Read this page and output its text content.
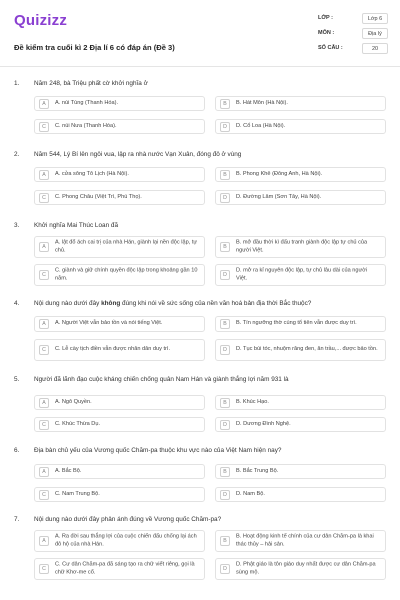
Quizizz
Đề kiểm tra cuối kì 2 Địa lí 6 có đáp án (Đề 3)
LỚP :	Lớp 6
MÔN :	Địa lý
SỐ CÂU :	20
1. Năm 248, bà Triệu phất cờ khởi nghĩa ở
A	A. núi Tùng (Thanh Hóa).	B	B. Hát Môn (Hà Nội).
C	C. núi Nưa (Thanh Hóa).	D	D. Cổ Loa (Hà Nội).
2. Năm 544, Lý Bí lên ngôi vua, lập ra nhà nước Vạn Xuân, đóng đô ở vùng
A	A. cửa sông Tô Lịch (Hà Nội).	B	B. Phong Khê (Đông Anh, Hà Nội).
C	C. Phong Châu (Việt Trì, Phú Thọ).	D	D. Đường Lâm (Sơn Tây, Hà Nội).
3. Khởi nghĩa Mai Thúc Loan đã
A
A. lật đổ ách cai trị của nhà Hán, giành lại nền độc lập, tự chủ.	B
B. mở đầu thời kì đấu tranh giành độc lập tự chủ của người Việt.
C
C. giành và giữ chính quyền độc lập trong khoảng gần 10 năm.	D
D. mở ra kỉ nguyên độc lập, tự chủ lâu dài của người Việt.
4. Nội dung nào dưới đây không đúng khi nói về sức sống của nền văn hoá bản địa thời Bắc thuộc?
A	A. Người Việt vẫn bảo tồn và nói tiếng Việt.	B	B. Tín ngưỡng thờ cúng tổ tiên vẫn được duy trì.
C	C. Lễ cày tịch điền vẫn được nhân dân duy trì.	D	D. Tục búi tóc, nhuộm răng đen, ăn trầu,... được bảo tồn.
5. Người đã lãnh đạo cuộc kháng chiến chống quân Nam Hán và giành thắng lợi năm 931 là
A	A. Ngô Quyền.	B	B. Khúc Hạo.
C	C. Khúc Thừa Dụ.	D	D. Dương Đình Nghệ.
6. Địa bàn chủ yếu của Vương quốc Chăm-pa thuộc khu vực nào của Việt Nam hiện nay?
A	A. Bắc Bộ.	B	B. Bắc Trung Bộ.
C	C. Nam Trung Bộ.	D	D. Nam Bộ.
7. Nội dung nào dưới đây phản ánh đúng về Vương quốc Chăm-pa?
A
A. Ra đời sau thắng lợi của cuộc chiến đấu chống lại ách đô hộ của nhà Hán.	B
B. Hoạt động kinh tế chính của cư dân Chăm-pa là khai thác thủy – hải sản.
C
C. Cư dân Chăm-pa đã sáng tạo ra chữ viết riêng, gọi là chữ Khơ-me cổ.	D
D. Phật giáo là tôn giáo duy nhất được cư dân Chăm-pa sùng mộ.
